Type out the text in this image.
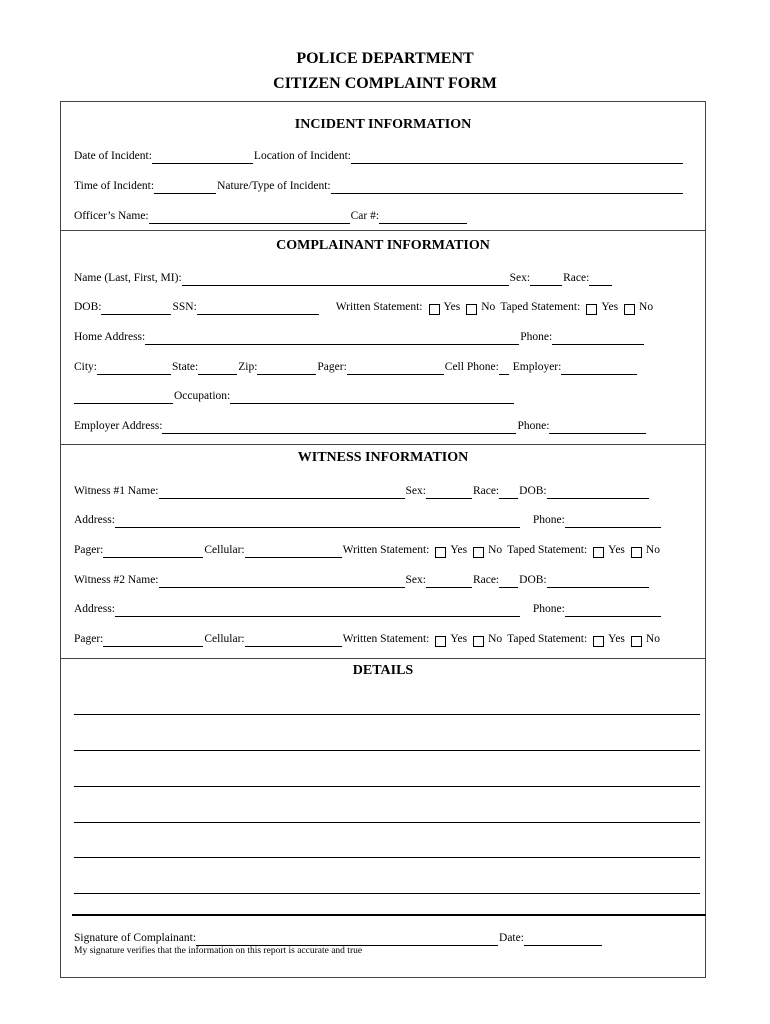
POLICE DEPARTMENT
CITIZEN COMPLAINT FORM
INCIDENT INFORMATION
Date of Incident:	Location of Incident:
Time of Incident:	Nature/Type of Incident:
Officer’s Name:	Car #:
COMPLAINANT INFORMATION
Name (Last, First, MI):	Sex:	Race:
DOB:	SSN:	Written Statement: Yes No Taped Statement: Yes No
Home Address:	Phone:
City:	State:	Zip:	Pager:	Cell Phone: Employer:
Occupation:
Employer Address:	Phone:
WITNESS INFORMATION
Witness #1 Name:	Sex:	Race: DOB:
Address:	Phone:
Pager:	Cellular:	Written Statement: Yes No Taped Statement: Yes No
Witness #2 Name:	Sex:	Race: DOB:
Address:	Phone:
Pager:	Cellular:	Written Statement: Yes No Taped Statement: Yes No
DETAILS
Signature of Complainant:	Date:
My signature verifies that the information on this report is accurate and true
